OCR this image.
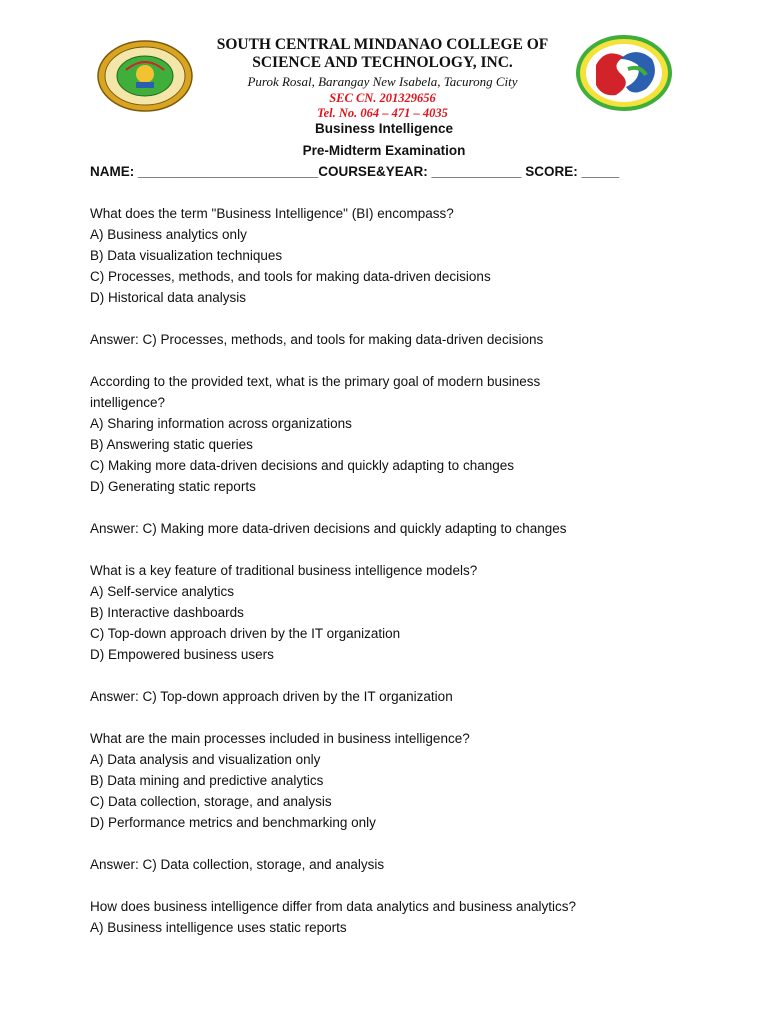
SOUTH CENTRAL MINDANAO COLLEGE OF
SCIENCE AND TECHNOLOGY, INC.
Purok Rosal, Barangay New Isabela, Tacurong City
SEC CN. 201329656
Tel. No. 064 – 471 – 4035
Business Intelligence
Pre-Midterm Examination
NAME: ________________________COURSE&YEAR: ____________ SCORE: _____

What does the term "Business Intelligence" (BI) encompass?

A) Business analytics only

B) Data visualization techniques

C) Processes, methods, and tools for making data-driven decisions

D) Historical data analysis

Answer: C) Processes, methods, and tools for making data-driven decisions

According to the provided text, what is the primary goal of modern business

intelligence?

A) Sharing information across organizations

B) Answering static queries

C) Making more data-driven decisions and quickly adapting to changes

D) Generating static reports

Answer: C) Making more data-driven decisions and quickly adapting to changes

What is a key feature of traditional business intelligence models?

A) Self-service analytics

B) Interactive dashboards

C) Top-down approach driven by the IT organization

D) Empowered business users

Answer: C) Top-down approach driven by the IT organization

What are the main processes included in business intelligence?

A) Data analysis and visualization only

B) Data mining and predictive analytics

C) Data collection, storage, and analysis

D) Performance metrics and benchmarking only

Answer: C) Data collection, storage, and analysis

How does business intelligence differ from data analytics and business analytics?

A) Business intelligence uses static reports
